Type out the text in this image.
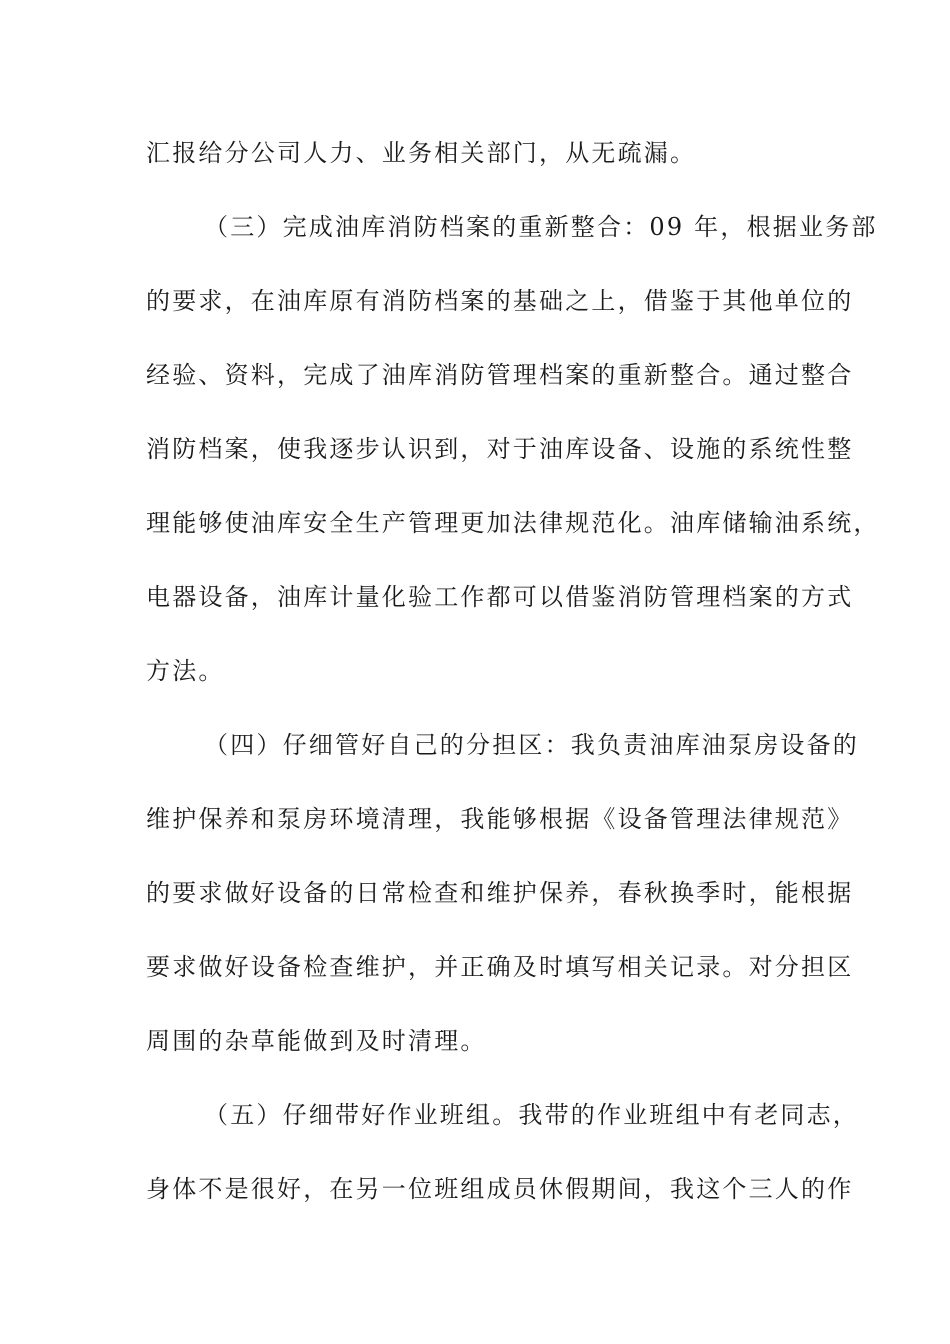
汇报给分公司人力、业务相关部门，从无疏漏。
（三）完成油库消防档案的重新整合：09 年，根据业务部
的要求，在油库原有消防档案的基础之上，借鉴于其他单位的
经验、资料，完成了油库消防管理档案的重新整合。通过整合
消防档案，使我逐步认识到，对于油库设备、设施的系统性整
理能够使油库安全生产管理更加法律规范化。油库储输油系统，
电器设备，油库计量化验工作都可以借鉴消防管理档案的方式
方法。
（四）仔细管好自己的分担区：我负责油库油泵房设备的
维护保养和泵房环境清理，我能够根据《设备管理法律规范》
的要求做好设备的日常检查和维护保养，春秋换季时，能根据
要求做好设备检查维护，并正确及时填写相关记录。对分担区
周围的杂草能做到及时清理。
（五）仔细带好作业班组。我带的作业班组中有老同志，
身体不是很好，在另一位班组成员休假期间，我这个三人的作
